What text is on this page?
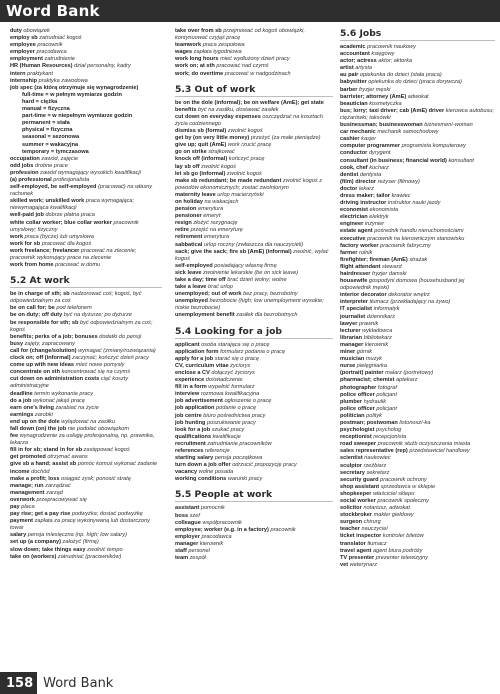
Word Bank
duty obowiązek
employ sb zatrudniać kogoś
employee pracownik
employer pracodawca
employment zatrudnienie
HR (Human Resources) dział personalny, kadry
intern praktykant
internship praktyka zawodowa
job spec (za którą otrzymuje się wynagrodzenie)
full-time = w pełnym wymiarze godzin
hard = ciężka
manual = fizyczna
part-time = w niepełnym wymiarze godzin
permanent = stała
physical = fizyczna
seasonal = sezonowa
summer = wakacyjna
temporary = tymczasowa
occupation zawód, zajęcie
odd jobs drobne prace
profession zawód wymagający wysokich kwalifikacji
(a) professional profesjonalista
self-employed, be self-employed (pracować) na własny rachunek
skilled work; unskilled work praca wymagająca; niewymagająca kwalifikacji
well-paid job dobrze płatna praca
white collar worker; blue collar worker pracownik umysłowy; fizyczny
work praca (bycze) lub umysłowa
work for sb pracować dla kogoś
work freelance; freelancer pracować na zlecenie; pracownik wykonujący prace na zlecenie
work from home pracować w domu
5.2 At work
be in charge of sth; sb nadzorować coś; kogoś, być odpowiedzialnym za coś
be on call for; be pod telefonem
be on duty; off duty być na dyżurze; po dyżurze
be responsible for sth; sb być odpowiedzialnym za coś; kogoś
benefits; perks of a job; bonuses dodatki do pensji
busy zajęty, zapracowany
call for (change/solution) wymagać (zmiany/rozwiązania)
clock on; off (informal) zaczynać; kończyć dzień pracy
come up with new ideas mieć nowe pomysły
concentrate on sth koncentrować się na czymś
cut down on administration costs ciąć koszty administracyjne
deadline termin wykonania pracy
do a job wykonać jakąś pracę
earn one's living zarabiać na życie
earnings zarobki
end up on the dole wylądować na zasiłku
fall down (on) the job nie podołać obowiązkom
fee wynagrodzenie za usługę profesjonalną, np. prawnika, lekarza
fill in for sb; stand in for sb zastępować kogoś
get promoted otrzymać awans
give sb a hand; assist sb pomóc komuś wykonać zadanie
income dochód
make a profit; loss osiągać zysk; ponosić stratę
manage; run zarządzać
management zarząd
overwork przepracowywać się
pay placa
pay rise; get a pay rise podwyżka; dostać podwyżkę
payment zapłata za pracę wykonywaną lub dostarczony towar
salary pensja miesięczna (np. high; low salary)
set up (a company) założyć (firmę)
slow down; take things easy zwolnić tempo
take on (workers) zatrudniać (pracowników)
take over from sb przejmować od kogoś obowiązki, kontynuować czyjąś pracę
teamwork praca zespołowa
wages zapłata tygodniowa
work long hours mieć wydłużony dzień pracy
work on; at sth pracować nad czymś
work; do overtime pracować w nadgodzinach
5.3 Out of work
be on the dole (informal); be on welfare (AmE); get state benefits być na zasiłku, dostawać zasiłek
cut down on everyday expenses oszczędzać na kosztach życia codziennego
dismiss sb (formal) zwolnić kogoś
get by (on very little money) przeżyć (za małe pieniądze)
give up; quit (AmE) work rzucić pracę
go on strike strajkować
knock off (informal) kończyć pracę
lay sb off zwolnić kogoś
let sb go (informal) zwolnić kogoś
make sb redundant; be made redundant zwolnić kogoś z powodów ekonomicznych; zostać zwolnionym
maternity leave urlop macierzyński
on holiday na wakacjach
pension emerytura
pensioner emeryt
resign złożyć rezygnację
retire przejść na emeryturę
retirement emerytura
sabbatical urlop roczny (zwłaszcza dla nauczycieli)
sack; give the sack; fire sb (AmE) (informal) zwolnić, wylać kogoś
self-employed posiadający własną firmę
sick leave zwolnienie lekarskie (be on sick leave)
take a day; time off brać dzień wolny; wolne
take a leave brać urlop
unemployed; out of work bez pracy, bezrobotny
unemployed bezrobocie (high; low unemployment wysokie; niskie bezrobocie)
unemployment benefit zasiłek dla bezrobotnych
5.4 Looking for a job
applicant osoba starająca się o pracę
application form formularz podania o pracę
apply for a job starać się o pracę
CV, curriculum vitae życiorys
enclose a CV dołączyć życiorys
experience doświadczenie
fill in a form wypełnić formularz
interview rozmowa kwalifikacyjna
job advertisement ogłoszenie o pracę
job application podanie o pracę
job centre biuro pośrednictwa pracy
job hunting poszukiwanie pracy
look for a job szukać pracy
qualifications kwalifikacje
recruitment zatrudnianie pracowników
references referencje
starting salary pensja początkowa
turn down a job offer odrzucić propozycję pracy
vacancy wolne posada
working conditions warunki pracy
5.5 People at work
assistant pomocnik
boss szef
colleague współpracownik
employee; worker (e.g. in a factory) pracownik
employer pracodawca
manager kierownik
staff personel
team zespół
5.6 Jobs
academic pracownik naukowy
accountant księgowy
actor; actress aktor; aktorka
artist artysta
au pair opiekunka do dzieci (stała praca)
babysitter opiekunka do dzieci (praca dorywcza)
barber fryzjer męski
barrister; attorney (AmE) adwokat
beautician kosmetyczka
bus; lorry; taxi driver; cab (AmE) driver kierowca autobusu; ciężarówki; taksówki
businessman; businesswoman biznesmen/-woman
car mechanic mechanik samochodowy
cashier kasjer
computer programmer programista komputerowy
conductor dyrygent
consultant (in business; financial world) konsultant
cook, chef kucharz
dentist dentysta
(film) director reżyser (filmowy)
doctor lekarz
dress maker; tailor krawiec
driving instructor instruktor nauki jazdy
economist ekonomista
electrician elektryk
engineer inżynier
estate agent pośrednik handlu nieruchomościami
executive pracownik na kierowniczym stanowisku
factory worker pracownik fabryczny
farmer rolnik
firefighter; fireman (AmE) strażak
flight attendant steward
hairdresser fryzjer damski
housewife gospodyni domowa (househusband jej odpowiednik męski)
interior decorator dekorator wnętrz
interpreter tłumacz (przekładający na żywo)
IT specialist informatyk
journalist dziennikarz
lawyer prawnik
lecturer wykładowca
librarian bibliotekarz
manager kierownik
miner górnik
musician muzyk
nurse pielęgniarka
(portrait) painter malarz (portretowy)
pharmacist; chemist aptekarz
photographer fotograf
police officer policjant
plumber hydraulik
police officer policjant
politician polityk
postman; postwoman listonosz/-ka
psychologist psycholog
receptionist recepcjonista
road sweeper pracownik służb oczyszczania miasta
sales representative (rep) przedstawiciel handlowy
scientist naukowiec
sculptor rzeźbiarz
secretary sekretarz
security guard pracownik ochrony
shop assistant sprzedawca w sklepie
shopkeeper właściciel sklepu
social worker pracownik społeczny
solicitor notariusz, adwokat
stockbroker makler giełdowy
surgeon chirurg
teacher nauczyciel
ticket inspector kontroler biletów
translator tłumacz
travel agent agent biura podróży
TV presenter prezenter telewizyjny
vet weterynarz
158 Word Bank
